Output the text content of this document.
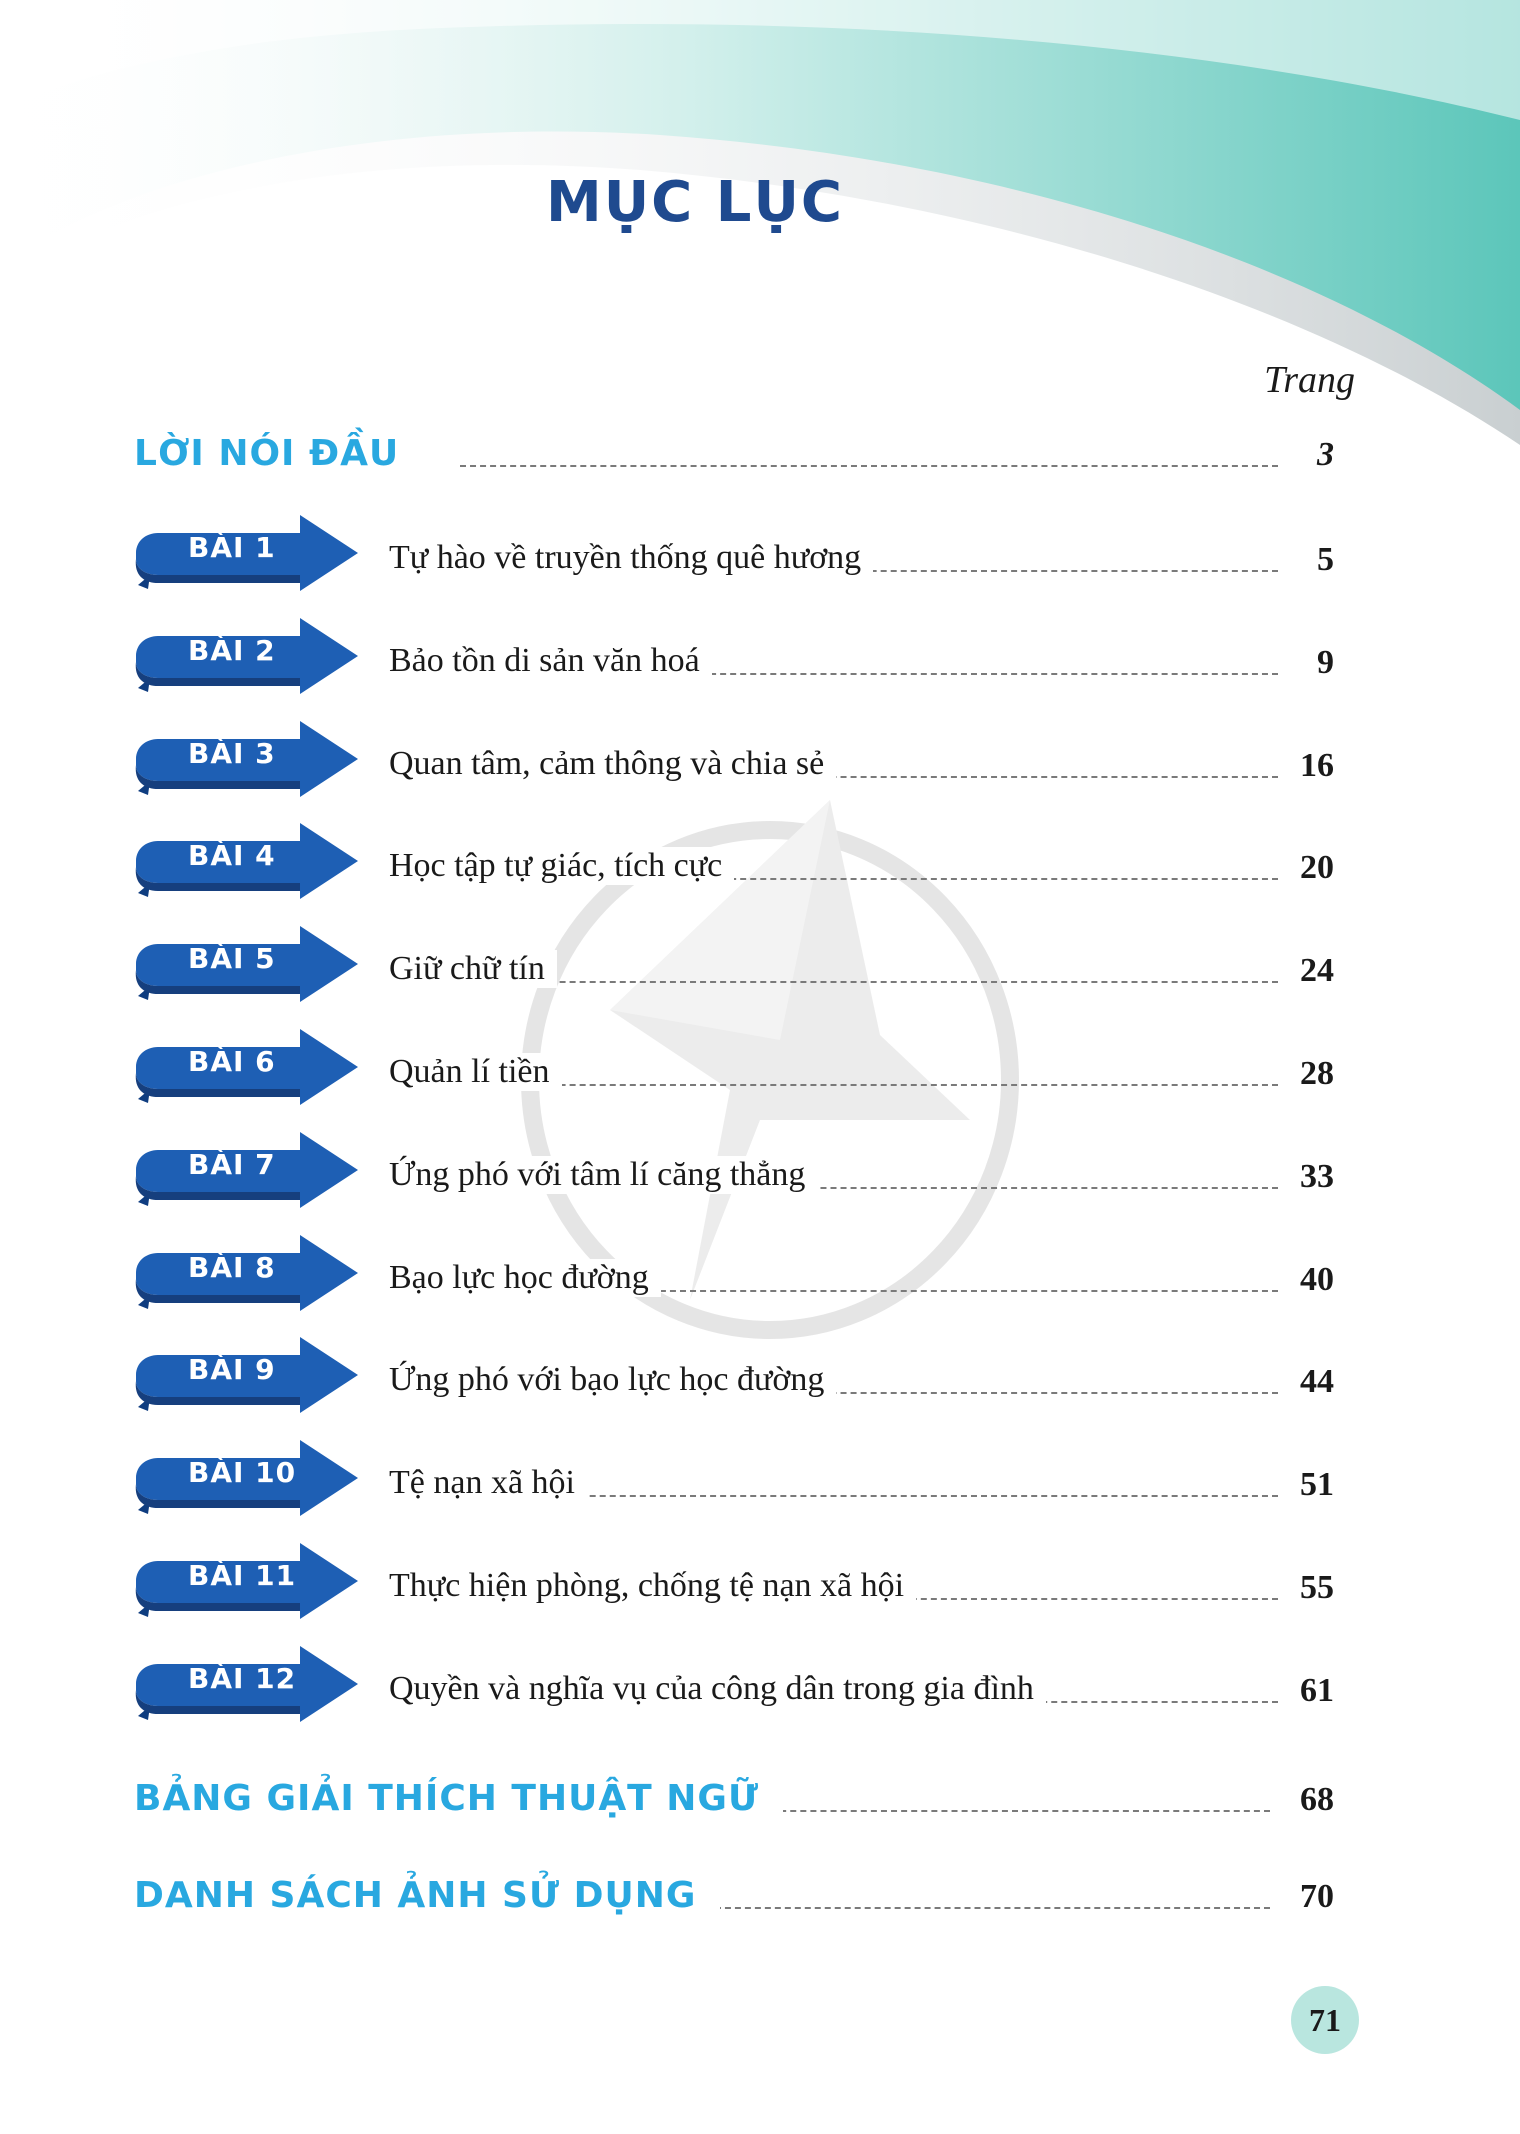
MỤC LỤC
Trang
LỜI NÓI ĐẦU	3
BÀI 1	Tự hào về truyền thống quê hương	5
BÀI 2	Bảo tồn di sản văn hoá	9
BÀI 3	Quan tâm, cảm thông và chia sẻ	16
BÀI 4	Học tập tự giác, tích cực	20
BÀI 5	Giữ chữ tín	24
BÀI 6	Quản lí tiền	28
BÀI 7	Ứng phó với tâm lí căng thẳng	33
BÀI 8	Bạo lực học đường	40
BÀI 9	Ứng phó với bạo lực học đường	44
BÀI 10	Tệ nạn xã hội	51
BÀI 11	Thực hiện phòng, chống tệ nạn xã hội	55
BÀI 12	Quyền và nghĩa vụ của công dân trong gia đình	61
BẢNG GIẢI THÍCH THUẬT NGỮ	68
DANH SÁCH ẢNH SỬ DỤNG	70
71
